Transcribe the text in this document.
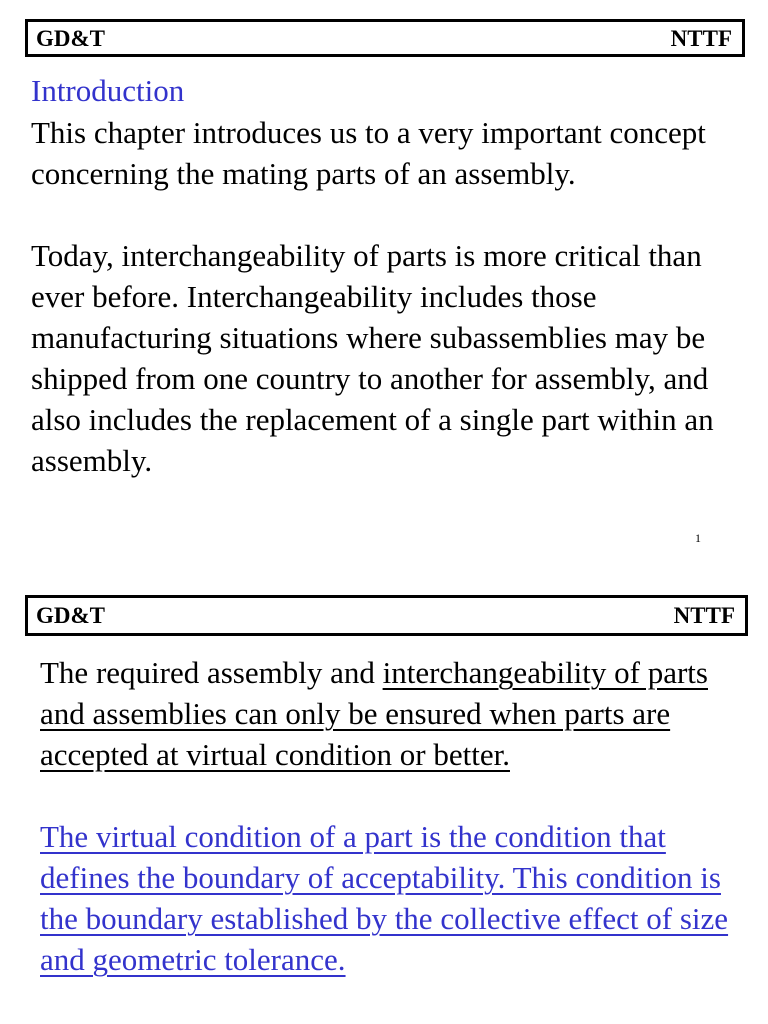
GD&T	NTTF
Introduction

This chapter introduces us to a very important concept concerning the mating parts of an assembly.

Today, interchangeability of parts is more critical than ever before. Interchangeability includes those manufacturing situations where subassemblies may be shipped from one country to another for assembly, and also includes the replacement of a single part within an assembly.

1
GD&T	NTTF

The required assembly and interchangeability of parts and assemblies can only be ensured when parts are accepted at virtual condition or better.

The virtual condition of a part is the condition that defines the boundary of acceptability. This condition is the boundary established by the collective effect of size and geometric tolerance.
